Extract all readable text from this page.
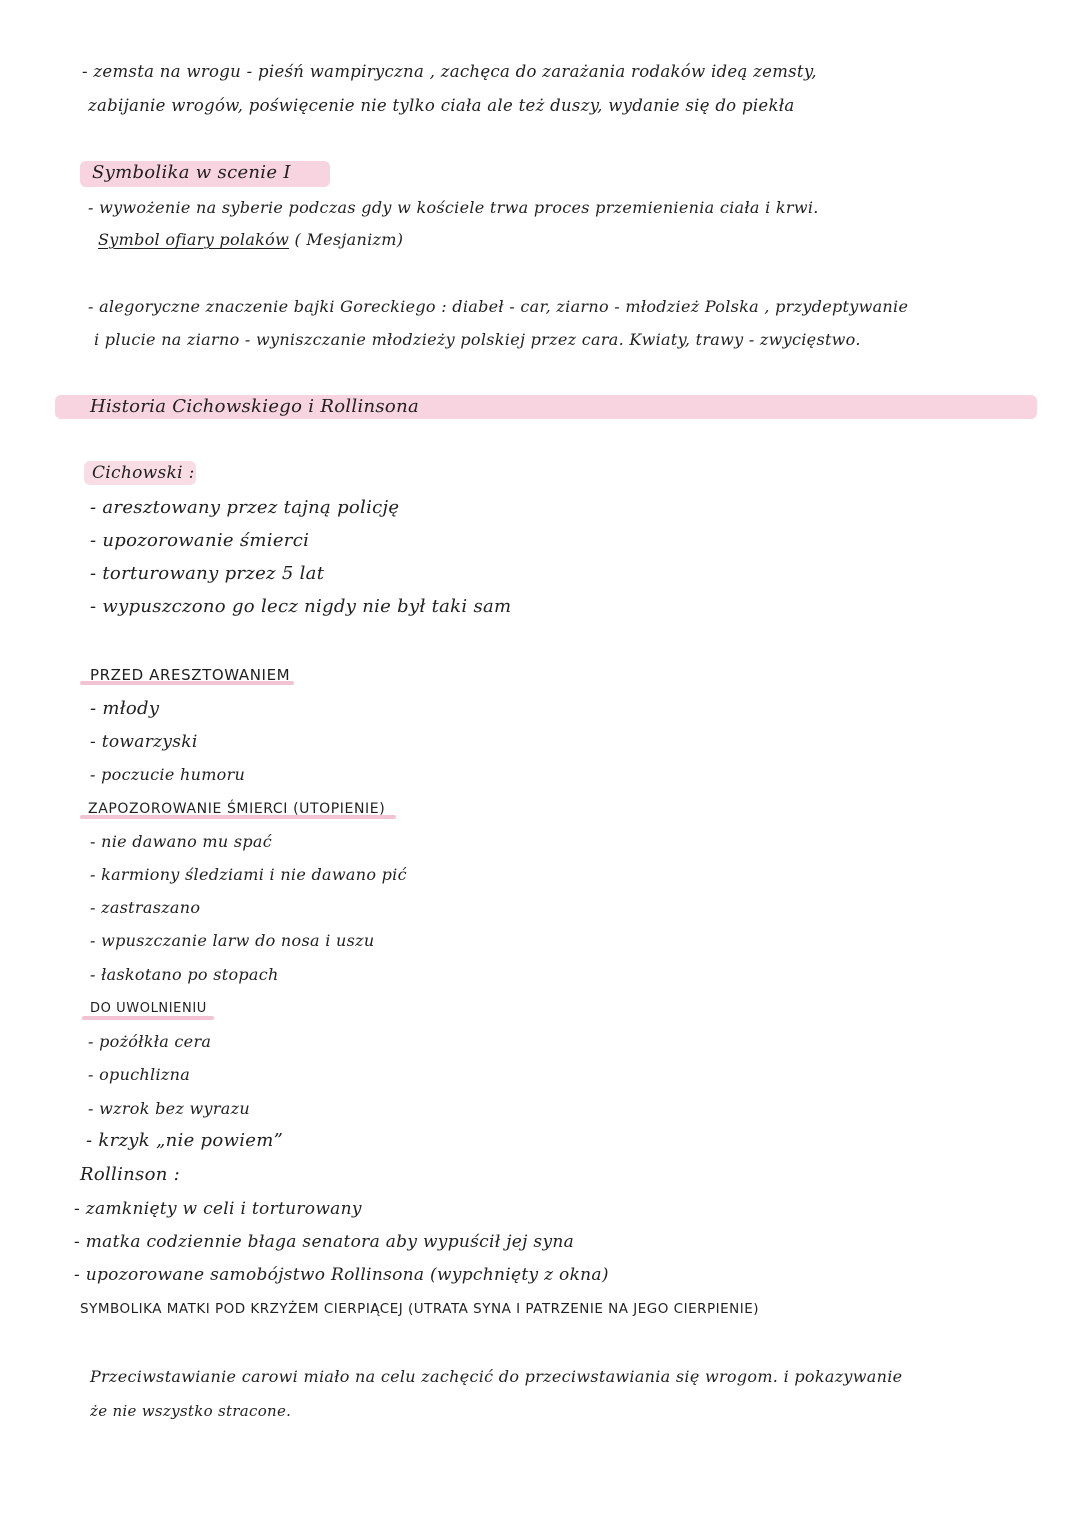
- zemsta na wrogu - pieśń wampiryczna , zachęca do zarażania rodaków ideą zemsty,
zabijanie wrogów, poświęcenie nie tylko ciała ale też duszy, wydanie się do piekła
Symbolika w scenie I
- wywożenie na syberie podczas gdy w kościele trwa proces przemienienia ciała i krwi.
Symbol ofiary polaków ( Mesjanizm)
- alegoryczne znaczenie bajki Goreckiego : diabeł - car, ziarno - młodzież Polska , przydeptywanie
i plucie na ziarno - wyniszczanie młodzieży polskiej przez cara. Kwiaty, trawy - zwycięstwo.
Historia Cichowskiego i Rollinsona
Cichowski :
- aresztowany przez tajną policję
- upozorowanie śmierci
- torturowany przez 5 lat
- wypuszczono go lecz nigdy nie był taki sam
PRZED ARESZTOWANIEM
- młody
- towarzyski
- poczucie humoru
ZAPOZOROWANIE ŚMIERCI (UTOPIENIE)
- nie dawano mu spać
- karmiony śledziami i nie dawano pić
- zastraszano
- wpuszczanie larw do nosa i uszu
- łaskotano po stopach
DO UWOLNIENIU
- pożółkła cera
- opuchlizna
- wzrok bez wyrazu
- krzyk „nie powiem”
Rollinson :
- zamknięty w celi i torturowany
- matka codziennie błaga senatora aby wypuścił jej syna
- upozorowane samobójstwo Rollinsona (wypchnięty z okna)
SYMBOLIKA MATKI POD KRZYŻEM CIERPIĄCEJ (UTRATA SYNA I PATRZENIE NA JEGO CIERPIENIE)
Przeciwstawianie carowi miało na celu zachęcić do przeciwstawiania się wrogom. i pokazywanie
że nie wszystko stracone.
